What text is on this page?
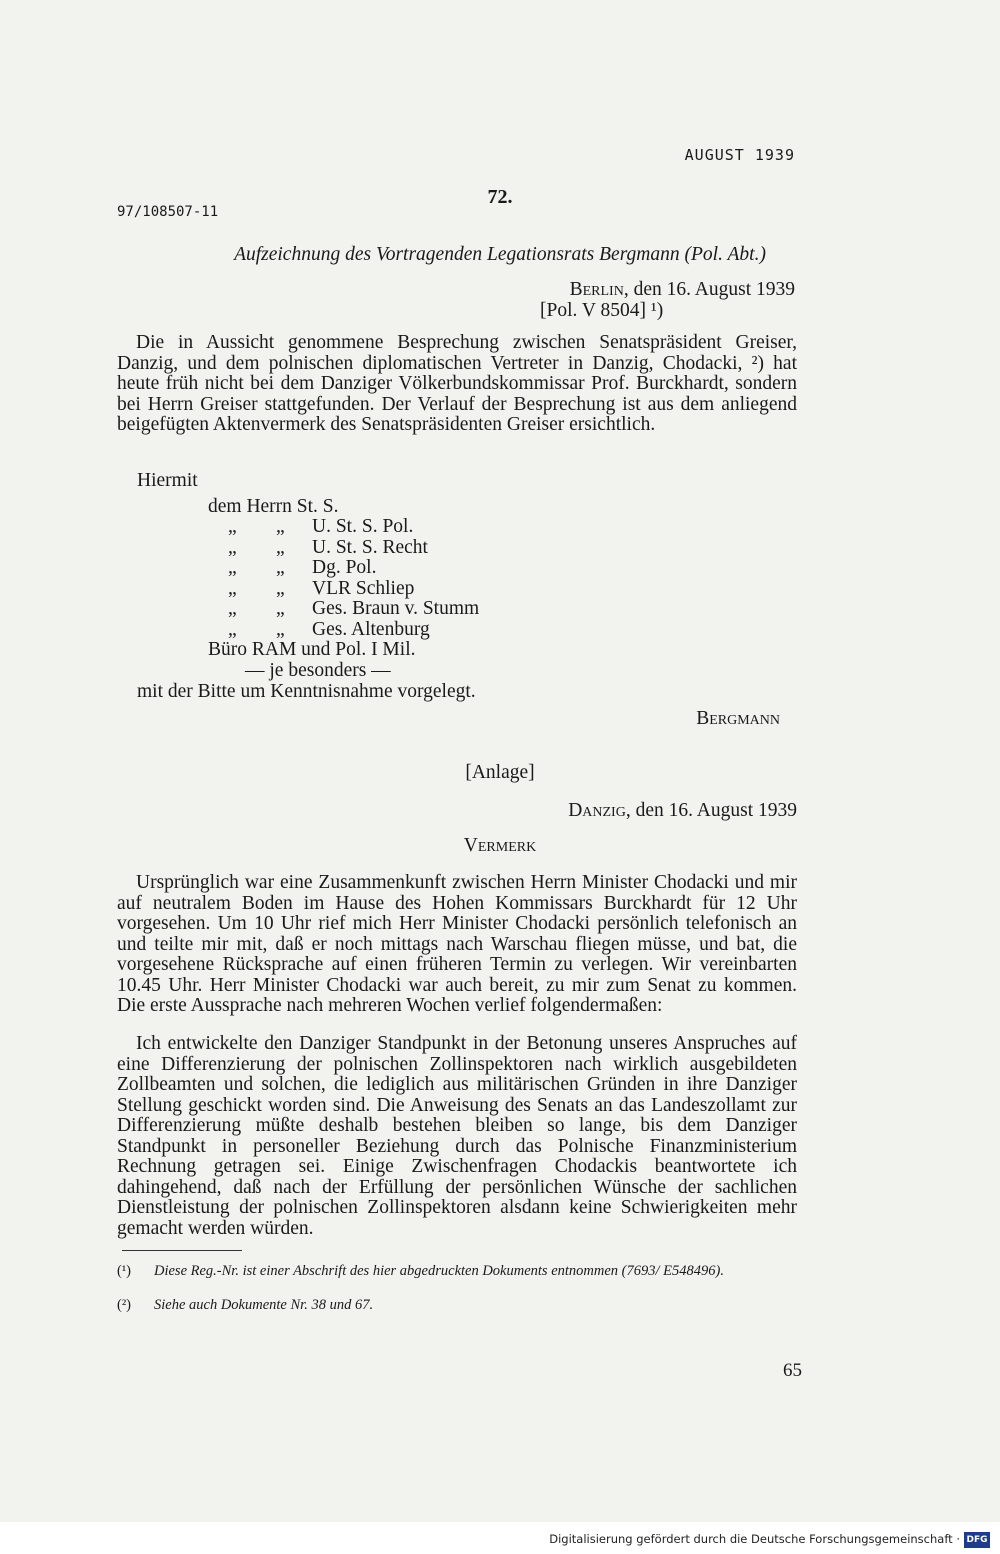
AUGUST 1939
72.
97/108507-11
Aufzeichnung des Vortragenden Legationsrats Bergmann (Pol. Abt.)
Berlin, den 16. August 1939
[Pol. V 8504] ¹)

Die in Aussicht genommene Besprechung zwischen Senatspräsident Greiser, Danzig, und dem polnischen diplomatischen Vertreter in Danzig, Chodacki, ²) hat heute früh nicht bei dem Danziger Völkerbundskommissar Prof. Burckhardt, sondern bei Herrn Greiser stattgefunden. Der Verlauf der Besprechung ist aus dem anliegend beigefügten Aktenvermerk des Senatspräsidenten Greiser ersichtlich.

Hiermit
dem Herrn St. S.
„ „ U. St. S. Pol.
„ „ U. St. S. Recht
„ „ Dg. Pol.
„ „ VLR Schliep
„ „ Ges. Braun v. Stumm
„ „ Ges. Altenburg
Büro RAM und Pol. I Mil.
— je besonders —
mit der Bitte um Kenntnisnahme vorgelegt.
Bergmann
[Anlage]
Danzig, den 16. August 1939
Vermerk

Ursprünglich war eine Zusammenkunft zwischen Herrn Minister Chodacki und mir auf neutralem Boden im Hause des Hohen Kommissars Burckhardt für 12 Uhr vorgesehen. Um 10 Uhr rief mich Herr Minister Chodacki persönlich telefonisch an und teilte mir mit, daß er noch mittags nach Warschau fliegen müsse, und bat, die vorgesehene Rücksprache auf einen früheren Termin zu verlegen. Wir vereinbarten 10.45 Uhr. Herr Minister Chodacki war auch bereit, zu mir zum Senat zu kommen. Die erste Aussprache nach mehreren Wochen verlief folgendermaßen:

Ich entwickelte den Danziger Standpunkt in der Betonung unseres Anspruches auf eine Differenzierung der polnischen Zollinspektoren nach wirklich ausgebildeten Zollbeamten und solchen, die lediglich aus militärischen Gründen in ihre Danziger Stellung geschickt worden sind. Die Anweisung des Senats an das Landeszollamt zur Differenzierung müßte deshalb bestehen bleiben so lange, bis dem Danziger Standpunkt in personeller Beziehung durch das Polnische Finanzministerium Rechnung getragen sei. Einige Zwischenfragen Chodackis beantwortete ich dahingehend, daß nach der Erfüllung der persönlichen Wünsche der sachlichen Dienstleistung der polnischen Zollinspektoren alsdann keine Schwierigkeiten mehr gemacht werden würden.

(¹) Diese Reg.-Nr. ist einer Abschrift des hier abgedruckten Dokuments entnommen (7693/ E548496).
(²) Siehe auch Dokumente Nr. 38 und 67.
65
Digitalisierung gefördert durch die Deutsche Forschungsgemeinschaft · DFG
